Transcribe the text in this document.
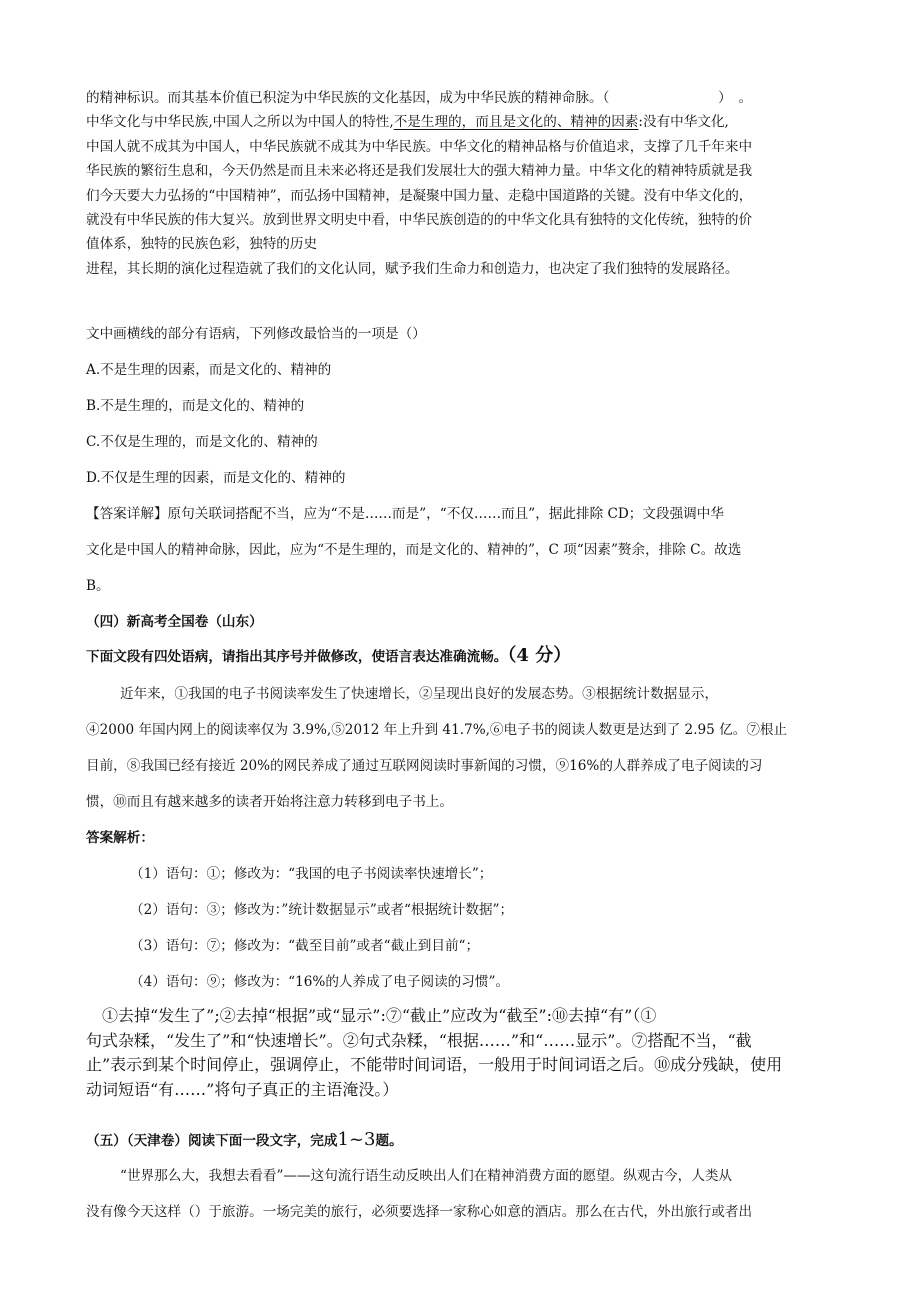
的精神标识。而其基本价值已积淀为中华民族的文化基因，成为中华民族的精神命脉。（　　　　　　　　）　。
中华文化与中华民族,中国人之所以为中国人的特性,不是生理的，而且是文化的、精神的因素:没有中华文化,
中国人就不成其为中国人，中华民族就不成其为中华民族。中华文化的精神品格与价值追求，支撑了几千年来中
华民族的繁衍生息和，今天仍然是而且未来必将还是我们发展壮大的强大精神力量。中华文化的精神特质就是我
们今天要大力弘扬的“中国精神”，而弘扬中国精神，是凝聚中国力量、走稳中国道路的关键。没有中华文化的，
就没有中华民族的伟大复兴。放到世界文明史中看，中华民族创造的的中华文化具有独特的文化传统，独特的价
值体系，独特的民族色彩，独特的历史
进程，其长期的演化过程造就了我们的文化认同，赋予我们生命力和创造力，也决定了我们独特的发展路径。
文中画横线的部分有语病，下列修改最恰当的一项是（）
A.不是生理的因素，而是文化的、精神的
B.不是生理的，而是文化的、精神的
C.不仅是生理的，而是文化的、精神的
D.不仅是生理的因素，而是文化的、精神的
【答案详解】原句关联词搭配不当，应为“不是……而是”，“不仅……而且”，据此排除 CD；文段强调中华
文化是中国人的精神命脉，因此，应为“不是生理的，而是文化的、精神的”，C 项“因素”赘余，排除 C。故选
B。
（四）新高考全国卷（山东）
下面文段有四处语病，请指出其序号并做修改，使语言表达准确流畅。（4 分）
近年来，①我国的电子书阅读率发生了快速增长，②呈现出良好的发展态势。③根据统计数据显示，
④2000 年国内网上的阅读率仅为 3.9%,⑤2012 年上升到 41.7%,⑥电子书的阅读人数更是达到了 2.95 亿。⑦根止
目前，⑧我国已经有接近 20%的网民养成了通过互联网阅读时事新闻的习惯，⑨16%的人群养成了电子阅读的习
惯，⑩而且有越来越多的读者开始将注意力转移到电子书上。
答案解析：
（1）语句：①；修改为：“我国的电子书阅读率快速增长”；
（2）语句：③；修改为：”统计数据显示”或者“根据统计数据”；
（3）语句：⑦；修改为：“截至目前”或者“截止到目前“；
（4）语句：⑨；修改为：“16%的人养成了电子阅读的习惯”。
　①去掉“发生了”;②去掉“根据”或“显示”:⑦“截止”应改为“截至”:⑩去掉“有”（①
句式杂糅，“发生了”和“快速增长”。②句式杂糅，“根据……”和“……显示”。⑦搭配不当，“截
止”表示到某个时间停止，强调停止，不能带时间词语，一般用于时间词语之后。⑩成分残缺，使用
动词短语“有……”将句子真正的主语淹没。）
（五）（天津卷）阅读下面一段文字，完成1~3题。
“世界那么大，我想去看看”——这句流行语生动反映出人们在精神消费方面的愿望。纵观古今，人类从
没有像今天这样（）于旅游。一场完美的旅行，必须要选择一家称心如意的酒店。那么在古代，外出旅行或者出
